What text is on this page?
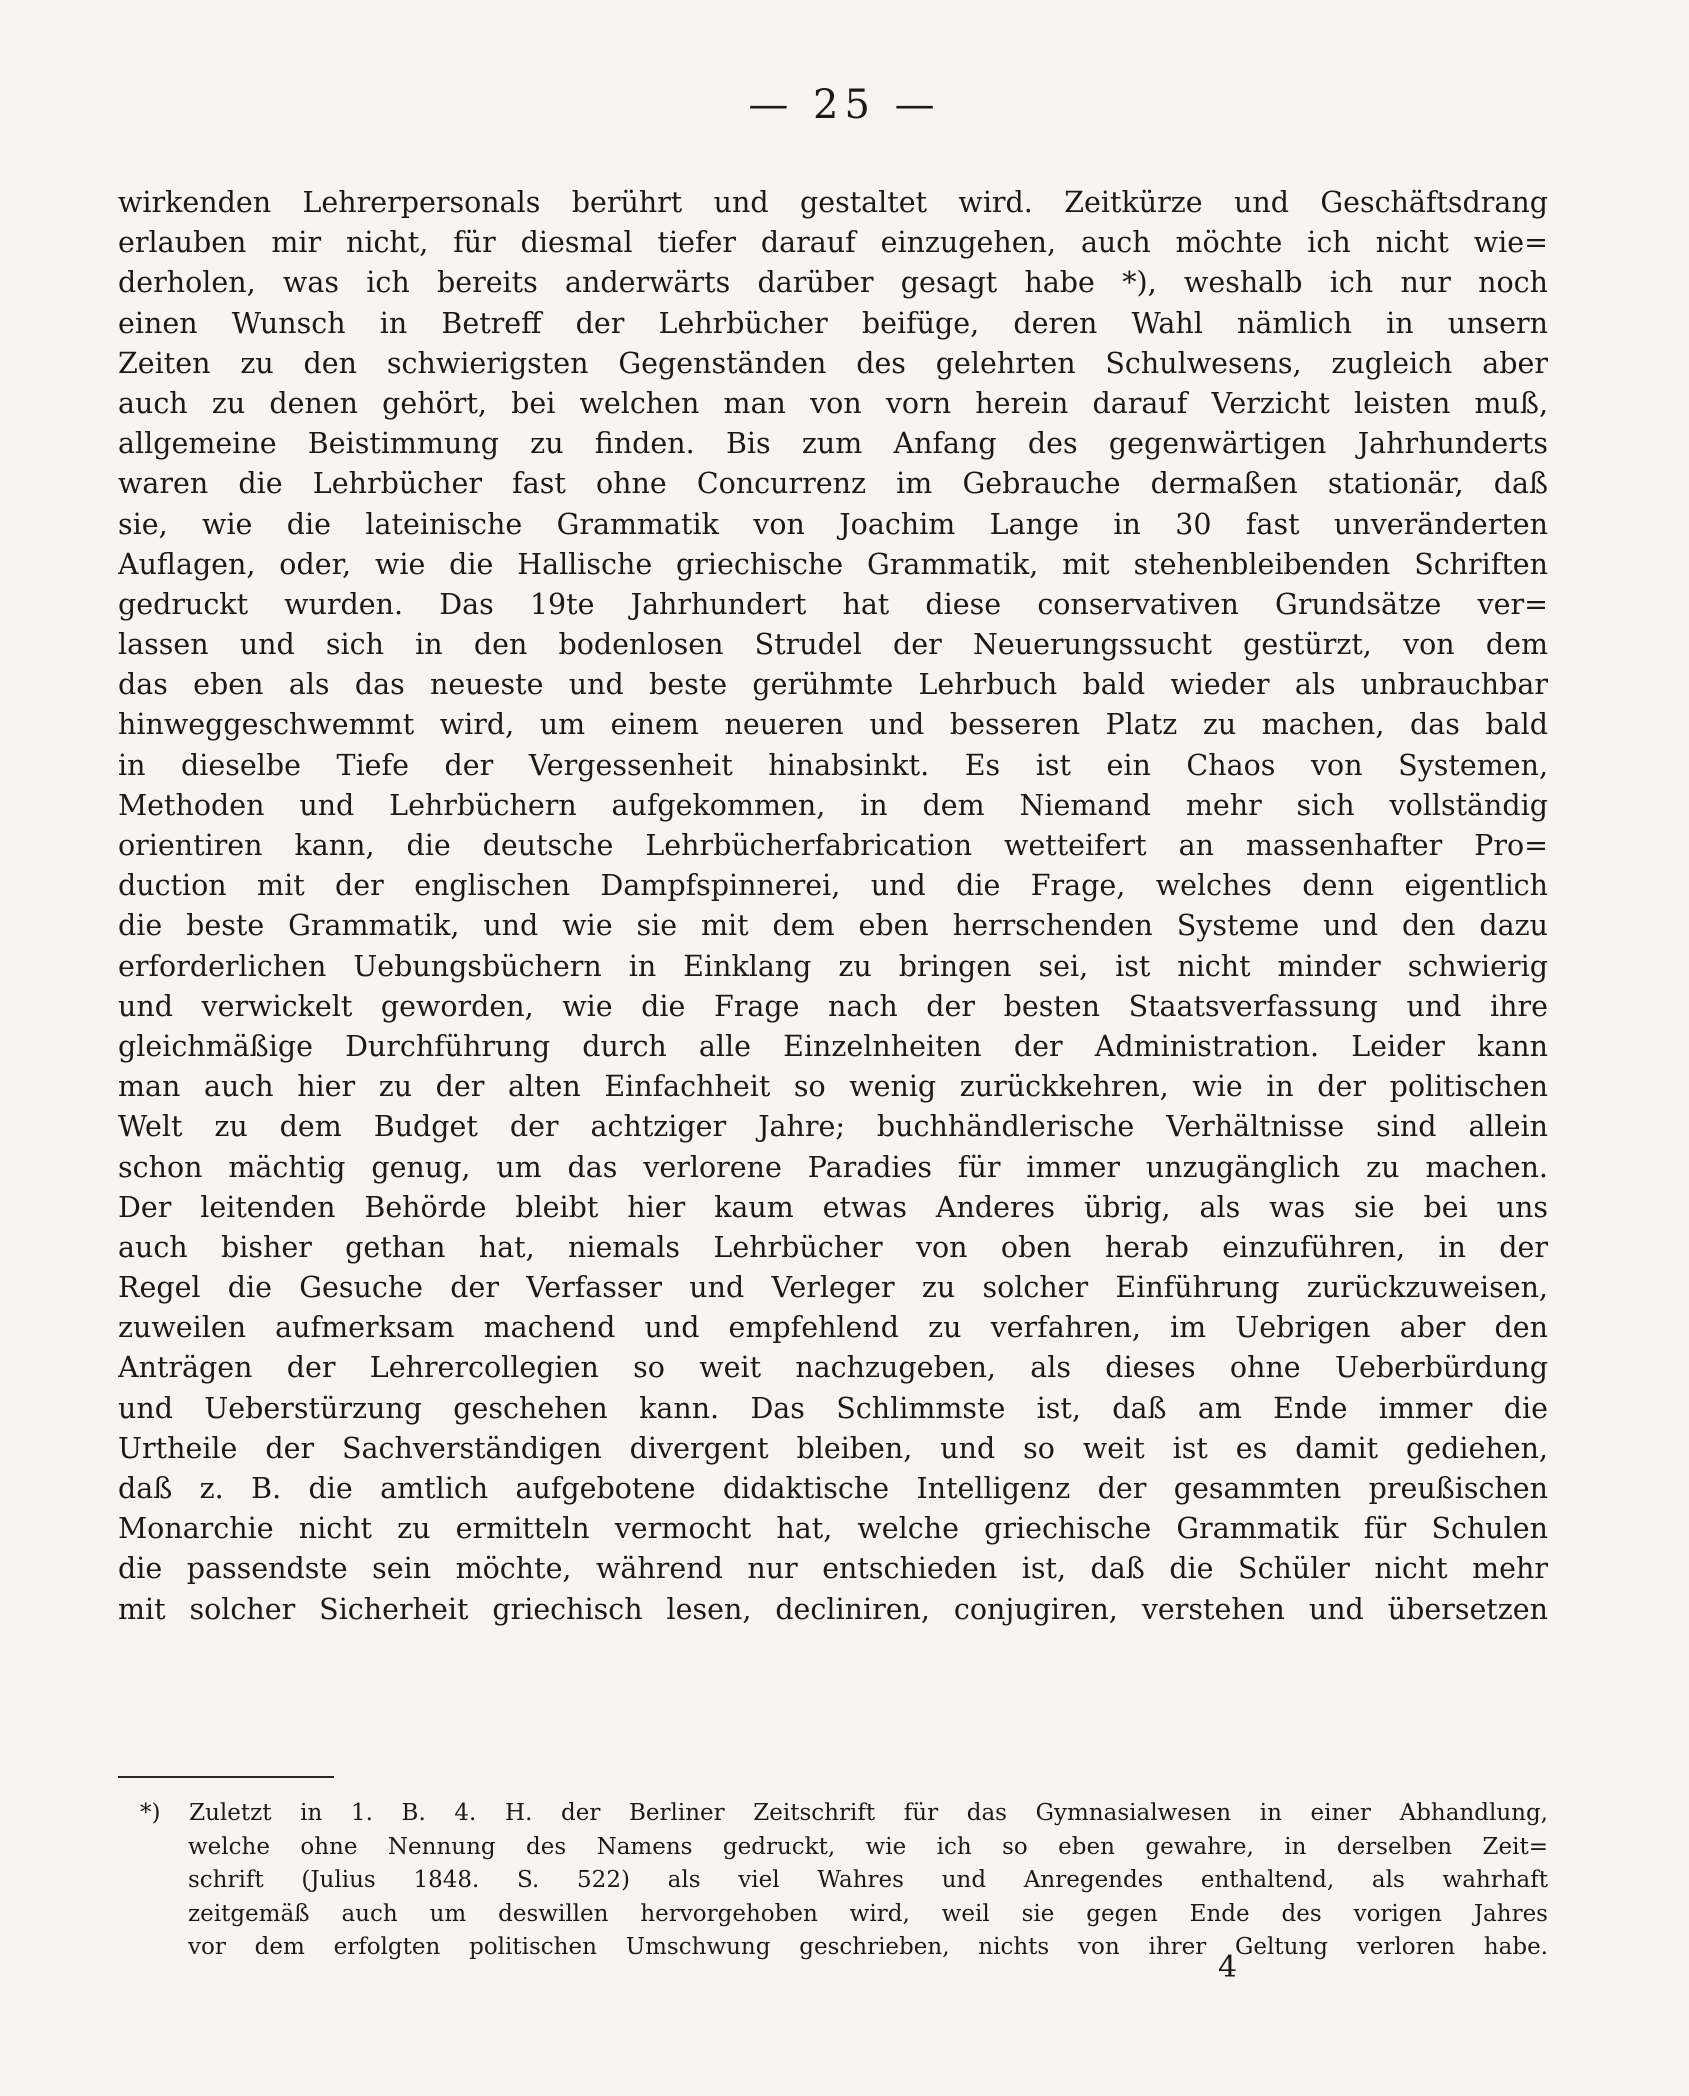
— 25 —
wirkenden Lehrerpersonals berührt und gestaltet wird. Zeitkürze und Geschäftsdrang
erlauben mir nicht, für diesmal tiefer darauf einzugehen, auch möchte ich nicht wie=
derholen, was ich bereits anderwärts darüber gesagt habe *), weshalb ich nur noch
einen Wunsch in Betreff der Lehrbücher beifüge, deren Wahl nämlich in unsern
Zeiten zu den schwierigsten Gegenständen des gelehrten Schulwesens, zugleich aber
auch zu denen gehört, bei welchen man von vorn herein darauf Verzicht leisten muß,
allgemeine Beistimmung zu finden. Bis zum Anfang des gegenwärtigen Jahrhunderts
waren die Lehrbücher fast ohne Concurrenz im Gebrauche dermaßen stationär, daß
sie, wie die lateinische Grammatik von Joachim Lange in 30 fast unveränderten
Auflagen, oder, wie die Hallische griechische Grammatik, mit stehenbleibenden Schriften
gedruckt wurden. Das 19te Jahrhundert hat diese conservativen Grundsätze ver=
lassen und sich in den bodenlosen Strudel der Neuerungssucht gestürzt, von dem
das eben als das neueste und beste gerühmte Lehrbuch bald wieder als unbrauchbar
hinweggeschwemmt wird, um einem neueren und besseren Platz zu machen, das bald
in dieselbe Tiefe der Vergessenheit hinabsinkt. Es ist ein Chaos von Systemen,
Methoden und Lehrbüchern aufgekommen, in dem Niemand mehr sich vollständig
orientiren kann, die deutsche Lehrbücherfabrication wetteifert an massenhafter Pro=
duction mit der englischen Dampfspinnerei, und die Frage, welches denn eigentlich
die beste Grammatik, und wie sie mit dem eben herrschenden Systeme und den dazu
erforderlichen Uebungsbüchern in Einklang zu bringen sei, ist nicht minder schwierig
und verwickelt geworden, wie die Frage nach der besten Staatsverfassung und ihre
gleichmäßige Durchführung durch alle Einzelnheiten der Administration. Leider kann
man auch hier zu der alten Einfachheit so wenig zurückkehren, wie in der politischen
Welt zu dem Budget der achtziger Jahre; buchhändlerische Verhältnisse sind allein
schon mächtig genug, um das verlorene Paradies für immer unzugänglich zu machen.
Der leitenden Behörde bleibt hier kaum etwas Anderes übrig, als was sie bei uns
auch bisher gethan hat, niemals Lehrbücher von oben herab einzuführen, in der
Regel die Gesuche der Verfasser und Verleger zu solcher Einführung zurückzuweisen,
zuweilen aufmerksam machend und empfehlend zu verfahren, im Uebrigen aber den
Anträgen der Lehrercollegien so weit nachzugeben, als dieses ohne Ueberbürdung
und Ueberstürzung geschehen kann. Das Schlimmste ist, daß am Ende immer die
Urtheile der Sachverständigen divergent bleiben, und so weit ist es damit gediehen,
daß z. B. die amtlich aufgebotene didaktische Intelligenz der gesammten preußischen
Monarchie nicht zu ermitteln vermocht hat, welche griechische Grammatik für Schulen
die passendste sein möchte, während nur entschieden ist, daß die Schüler nicht mehr
mit solcher Sicherheit griechisch lesen, decliniren, conjugiren, verstehen und übersetzen
*) Zuletzt in 1. B. 4. H. der Berliner Zeitschrift für das Gymnasialwesen in einer Abhandlung,
welche ohne Nennung des Namens gedruckt, wie ich so eben gewahre, in derselben Zeit=
schrift (Julius 1848. S. 522) als viel Wahres und Anregendes enthaltend, als wahrhaft
zeitgemäß auch um deswillen hervorgehoben wird, weil sie gegen Ende des vorigen Jahres
vor dem erfolgten politischen Umschwung geschrieben, nichts von ihrer Geltung verloren habe.
4
